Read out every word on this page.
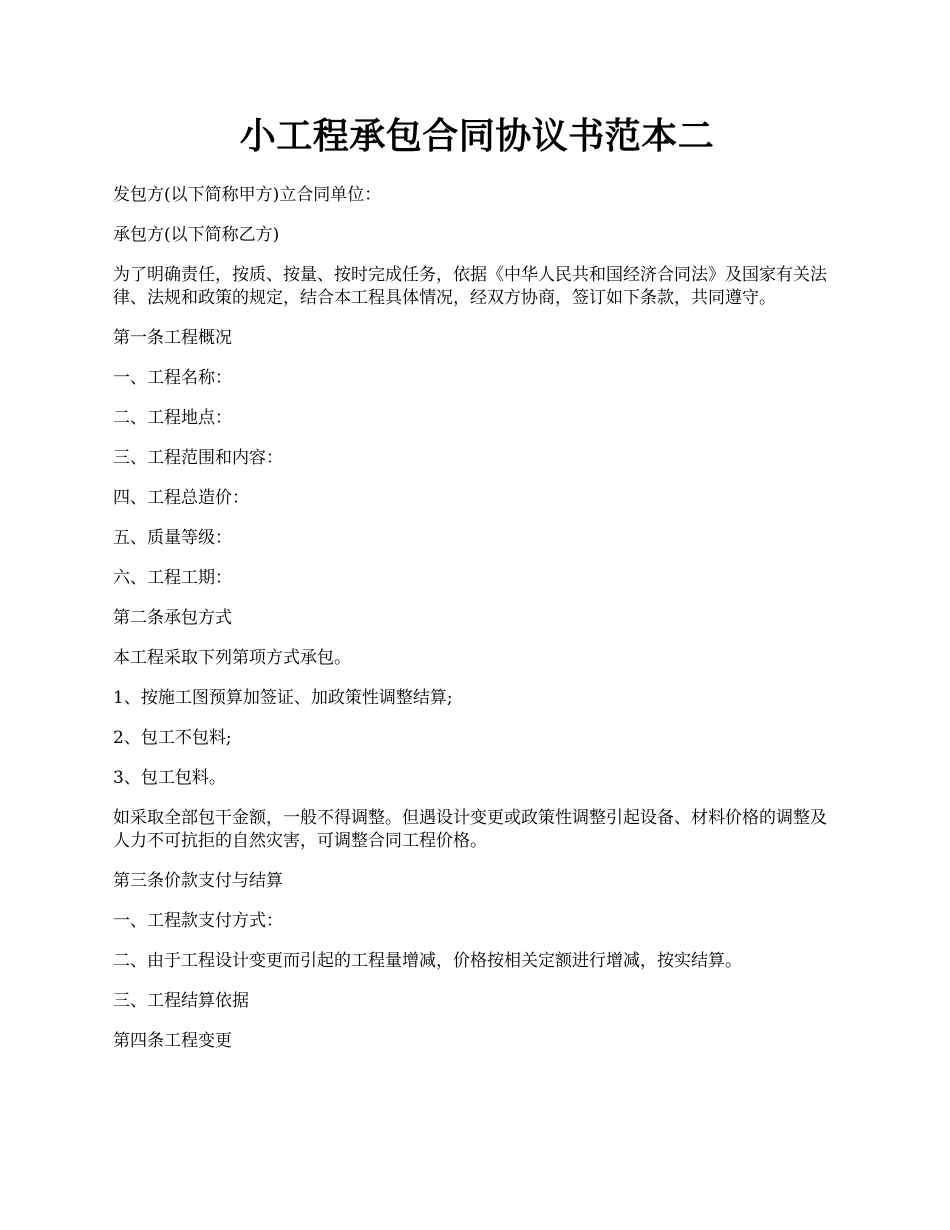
小工程承包合同协议书范本二

发包方(以下简称甲方)立合同单位：

承包方(以下简称乙方)

为了明确责任，按质、按量、按时完成任务，依据《中华人民共和国经济合同法》及国家有关法律、法规和政策的规定，结合本工程具体情况，经双方协商，签订如下条款，共同遵守。

第一条工程概况

一、工程名称：

二、工程地点：

三、工程范围和内容：

四、工程总造价：

五、质量等级：

六、工程工期：

第二条承包方式

本工程采取下列第项方式承包。

1、按施工图预算加签证、加政策性调整结算;

2、包工不包料;

3、包工包料。

如采取全部包干金额，一般不得调整。但遇设计变更或政策性调整引起设备、材料价格的调整及人力不可抗拒的自然灾害，可调整合同工程价格。

第三条价款支付与结算

一、工程款支付方式：

二、由于工程设计变更而引起的工程量增减，价格按相关定额进行增减，按实结算。

三、工程结算依据

第四条工程变更
